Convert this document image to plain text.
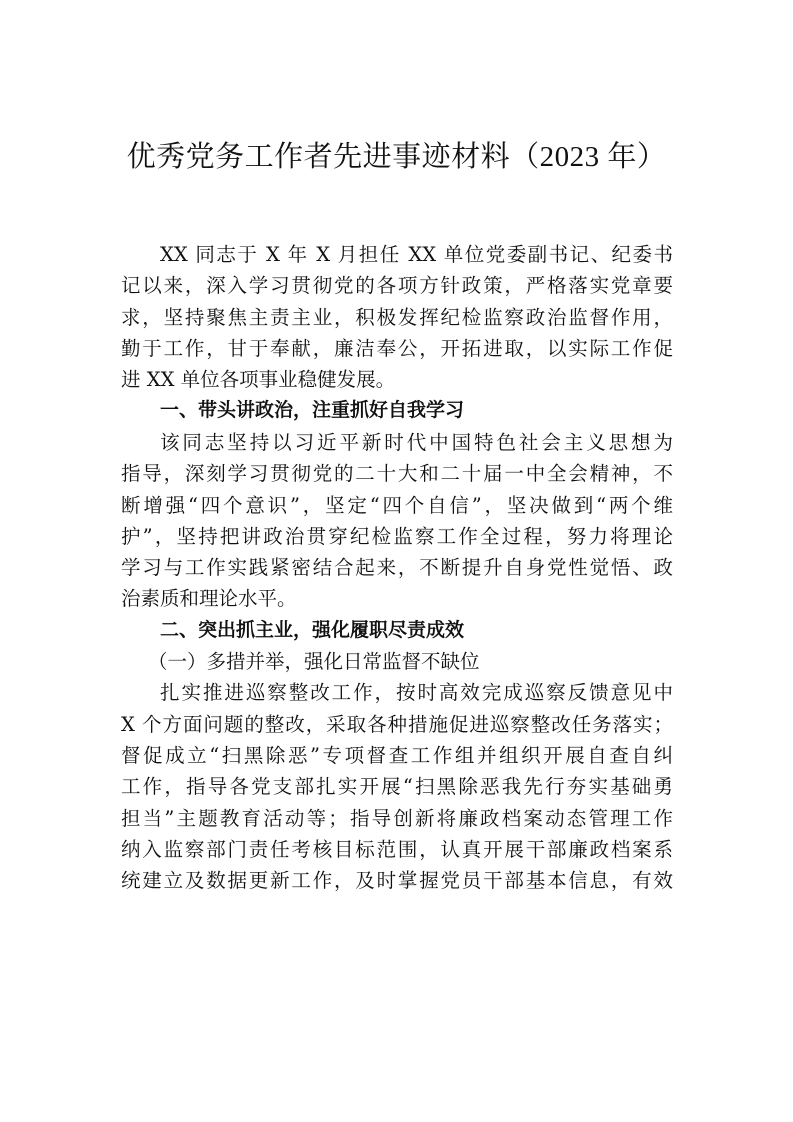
优秀党务工作者先进事迹材料（2023 年）
XX 同志于 X 年 X 月担任 XX 单位党委副书记、纪委书
记以来，深入学习贯彻党的各项方针政策，严格落实党章要
求，坚持聚焦主责主业，积极发挥纪检监察政治监督作用，
勤于工作，甘于奉献，廉洁奉公，开拓进取，以实际工作促
进 XX 单位各项事业稳健发展。
一、带头讲政治，注重抓好自我学习
该同志坚持以习近平新时代中国特色社会主义思想为
指导，深刻学习贯彻党的二十大和二十届一中全会精神，不
断增强“四个意识”，坚定“四个自信”，坚决做到“两个维
护”，坚持把讲政治贯穿纪检监察工作全过程，努力将理论
学习与工作实践紧密结合起来，不断提升自身党性觉悟、政
治素质和理论水平。
二、突出抓主业，强化履职尽责成效
（一）多措并举，强化日常监督不缺位
扎实推进巡察整改工作，按时高效完成巡察反馈意见中
X 个方面问题的整改，采取各种措施促进巡察整改任务落实；
督促成立“扫黑除恶”专项督查工作组并组织开展自查自纠
工作，指导各党支部扎实开展“扫黑除恶我先行夯实基础勇
担当”主题教育活动等；指导创新将廉政档案动态管理工作
纳入监察部门责任考核目标范围，认真开展干部廉政档案系
统建立及数据更新工作，及时掌握党员干部基本信息，有效
